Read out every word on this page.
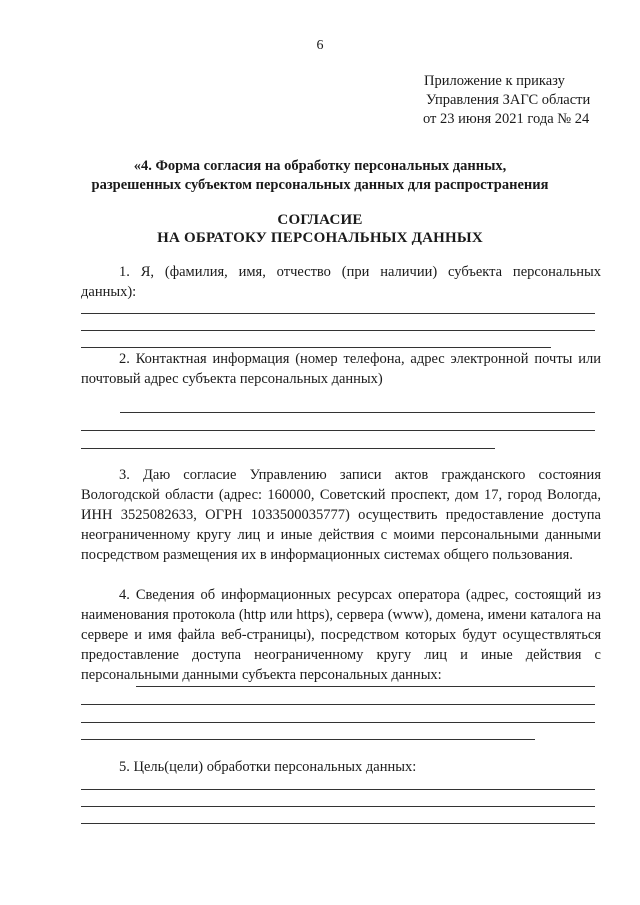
6
Приложение к приказу
Управления ЗАГС области
от 23 июня 2021 года № 24
«4. Форма согласия на обработку персональных данных,
разрешенных субъектом персональных данных для распространения
СОГЛАСИЕ
НА ОБРАТОКУ ПЕРСОНАЛЬНЫХ ДАННЫХ
1. Я, (фамилия, имя, отчество (при наличии) субъекта персональных данных):
2. Контактная информация (номер телефона, адрес электронной почты или почтовый адрес субъекта персональных данных)
3. Даю согласие Управлению записи актов гражданского состояния Вологодской области (адрес: 160000, Советский проспект, дом 17, город Вологда, ИНН 3525082633, ОГРН 1033500035777) осуществить предоставление доступа неограниченному кругу лиц и иные действия с моими персональными данными посредством размещения их в информационных системах общего пользования.
4. Сведения об информационных ресурсах оператора (адрес, состоящий из наименования протокола (http или https), сервера (www), домена, имени каталога на сервере и имя файла веб-страницы), посредством которых будут осуществляться предоставление доступа неограниченному кругу лиц и иные действия с персональными данными субъекта персональных данных:
5. Цель(цели) обработки персональных данных:
